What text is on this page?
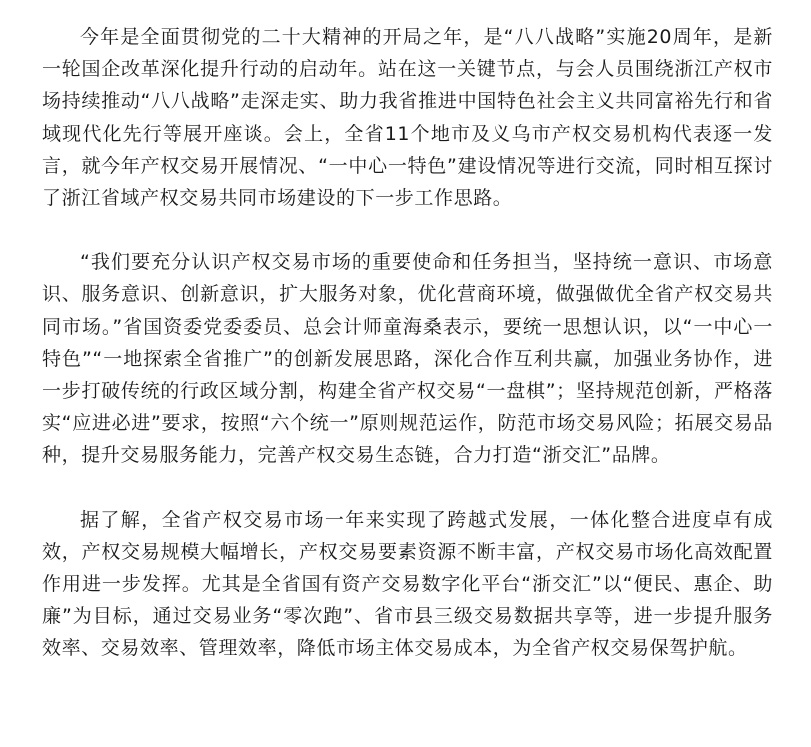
今年是全面贯彻党的二十大精神的开局之年，是“八八战略”实施20周年，是新一轮国企改革深化提升行动的启动年。站在这一关键节点，与会人员围绕浙江产权市场持续推动“八八战略”走深走实、助力我省推进中国特色社会主义共同富裕先行和省域现代化先行等展开座谈。会上，全省11个地市及义乌市产权交易机构代表逐一发言，就今年产权交易开展情况、“一中心一特色”建设情况等进行交流，同时相互探讨了浙江省域产权交易共同市场建设的下一步工作思路。

“我们要充分认识产权交易市场的重要使命和任务担当，坚持统一意识、市场意识、服务意识、创新意识，扩大服务对象，优化营商环境，做强做优全省产权交易共同市场。”省国资委党委委员、总会计师童海桑表示，要统一思想认识，以“一中心一特色”“一地探索全省推广”的创新发展思路，深化合作互利共赢，加强业务协作，进一步打破传统的行政区域分割，构建全省产权交易“一盘棋”；坚持规范创新，严格落实“应进必进”要求，按照“六个统一”原则规范运作，防范市场交易风险；拓展交易品种，提升交易服务能力，完善产权交易生态链，合力打造“浙交汇”品牌。

据了解，全省产权交易市场一年来实现了跨越式发展，一体化整合进度卓有成效，产权交易规模大幅增长，产权交易要素资源不断丰富，产权交易市场化高效配置作用进一步发挥。尤其是全省国有资产交易数字化平台“浙交汇”以“便民、惠企、助廉”为目标，通过交易业务“零次跑”、省市县三级交易数据共享等，进一步提升服务效率、交易效率、管理效率，降低市场主体交易成本，为全省产权交易保驾护航。
